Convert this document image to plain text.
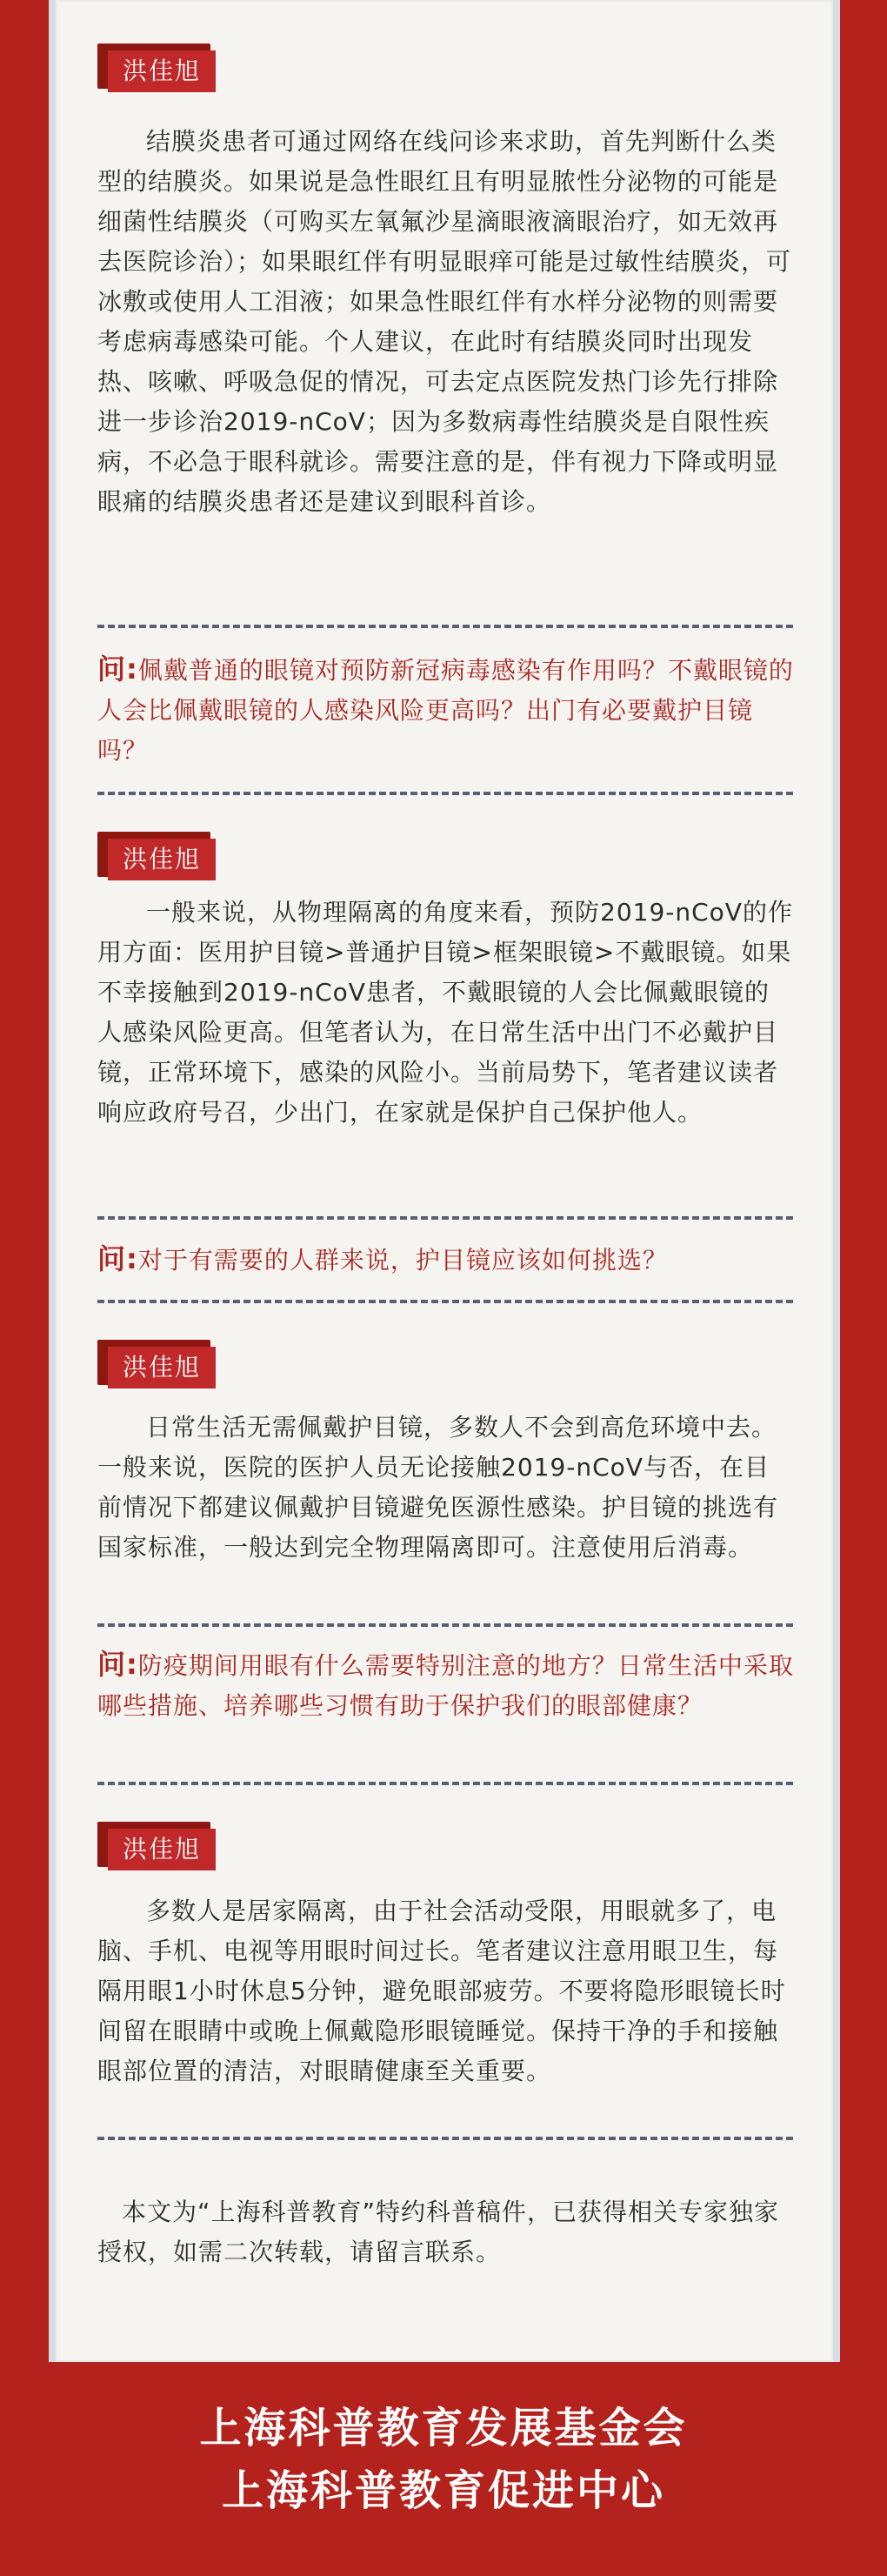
洪佳旭

结膜炎患者可通过网络在线问诊来求助，首先判断什么类型的结膜炎。如果说是急性眼红且有明显脓性分泌物的可能是细菌性结膜炎（可购买左氧氟沙星滴眼液滴眼治疗，如无效再去医院诊治）；如果眼红伴有明显眼痒可能是过敏性结膜炎，可冰敷或使用人工泪液；如果急性眼红伴有水样分泌物的则需要考虑病毒感染可能。个人建议，在此时有结膜炎同时出现发热、咳嗽、呼吸急促的情况，可去定点医院发热门诊先行排除进一步诊治2019-nCoV；因为多数病毒性结膜炎是自限性疾病，不必急于眼科就诊。需要注意的是，伴有视力下降或明显眼痛的结膜炎患者还是建议到眼科首诊。

问:佩戴普通的眼镜对预防新冠病毒感染有作用吗？不戴眼镜的人会比佩戴眼镜的人感染风险更高吗？出门有必要戴护目镜吗？

洪佳旭

一般来说，从物理隔离的角度来看，预防2019-nCoV的作用方面：医用护目镜>普通护目镜>框架眼镜>不戴眼镜。如果不幸接触到2019-nCoV患者，不戴眼镜的人会比佩戴眼镜的人感染风险更高。但笔者认为，在日常生活中出门不必戴护目镜，正常环境下，感染的风险小。当前局势下，笔者建议读者响应政府号召，少出门，在家就是保护自己保护他人。

问:对于有需要的人群来说，护目镜应该如何挑选？

洪佳旭

日常生活无需佩戴护目镜，多数人不会到高危环境中去。一般来说，医院的医护人员无论接触2019-nCoV与否，在目前情况下都建议佩戴护目镜避免医源性感染。护目镜的挑选有国家标准，一般达到完全物理隔离即可。注意使用后消毒。

问:防疫期间用眼有什么需要特别注意的地方？日常生活中采取哪些措施、培养哪些习惯有助于保护我们的眼部健康？

洪佳旭

多数人是居家隔离，由于社会活动受限，用眼就多了，电脑、手机、电视等用眼时间过长。笔者建议注意用眼卫生，每隔用眼1小时休息5分钟，避免眼部疲劳。不要将隐形眼镜长时间留在眼睛中或晚上佩戴隐形眼镜睡觉。保持干净的手和接触眼部位置的清洁，对眼睛健康至关重要。

本文为“上海科普教育”特约科普稿件，已获得相关专家独家授权，如需二次转载，请留言联系。

上海科普教育发展基金会
上海科普教育促进中心
